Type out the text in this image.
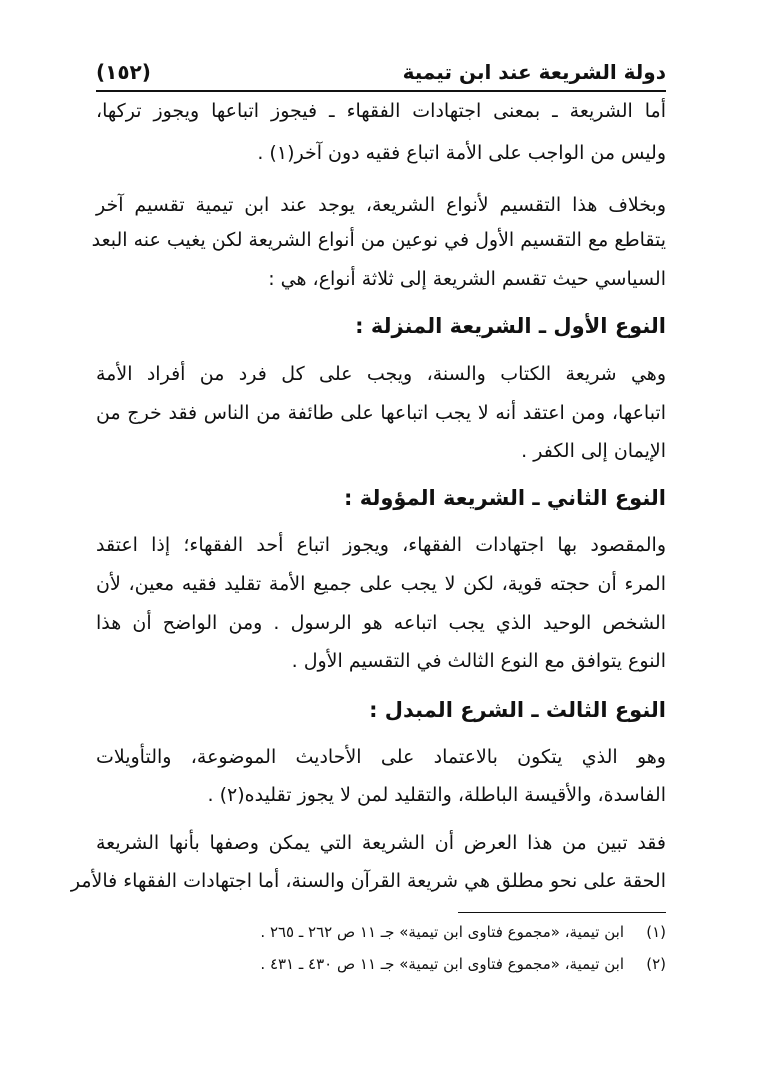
دولة الشريعة عند ابن تيمية
(١٥٢)
أما الشريعة ـ بمعنى اجتهادات الفقهاء ـ فيجوز اتباعها ويجوز تركها،
وليس من الواجب على الأمة اتباع فقيه دون آخر(١) .
وبخلاف هذا التقسيم لأنواع الشريعة، يوجد عند ابن تيمية تقسيم آخر
يتقاطع مع التقسيم الأول في نوعين من أنواع الشريعة لكن يغيب عنه البعد
السياسي حيث تقسم الشريعة إلى ثلاثة أنواع، هي :
النوع الأول ـ الشريعة المنزلة :
وهي شريعة الكتاب والسنة، ويجب على كل فرد من أفراد الأمة
اتباعها، ومن اعتقد أنه لا يجب اتباعها على طائفة من الناس فقد خرج من
الإيمان إلى الكفر .
النوع الثاني ـ الشريعة المؤولة :
والمقصود بها اجتهادات الفقهاء، ويجوز اتباع أحد الفقهاء؛ إذا اعتقد
المرء أن حجته قوية، لكن لا يجب على جميع الأمة تقليد فقيه معين، لأن
الشخص الوحيد الذي يجب اتباعه هو الرسول . ومن الواضح أن هذا
النوع يتوافق مع النوع الثالث في التقسيم الأول .
النوع الثالث ـ الشرع المبدل :
وهو الذي يتكون بالاعتماد على الأحاديث الموضوعة، والتأويلات
الفاسدة، والأقيسة الباطلة، والتقليد لمن لا يجوز تقليده(٢) .
فقد تبين من هذا العرض أن الشريعة التي يمكن وصفها بأنها الشريعة
الحقة على نحو مطلق هي شريعة القرآن والسنة، أما اجتهادات الفقهاء فالأمر
(١)
ابن تيمية، «مجموع فتاوى ابن تيمية» جـ ١١ ص ٢٦٢ ـ ٢٦٥ .
(٢)
ابن تيمية، «مجموع فتاوى ابن تيمية» جـ ١١ ص ٤٣٠ ـ ٤٣١ .
